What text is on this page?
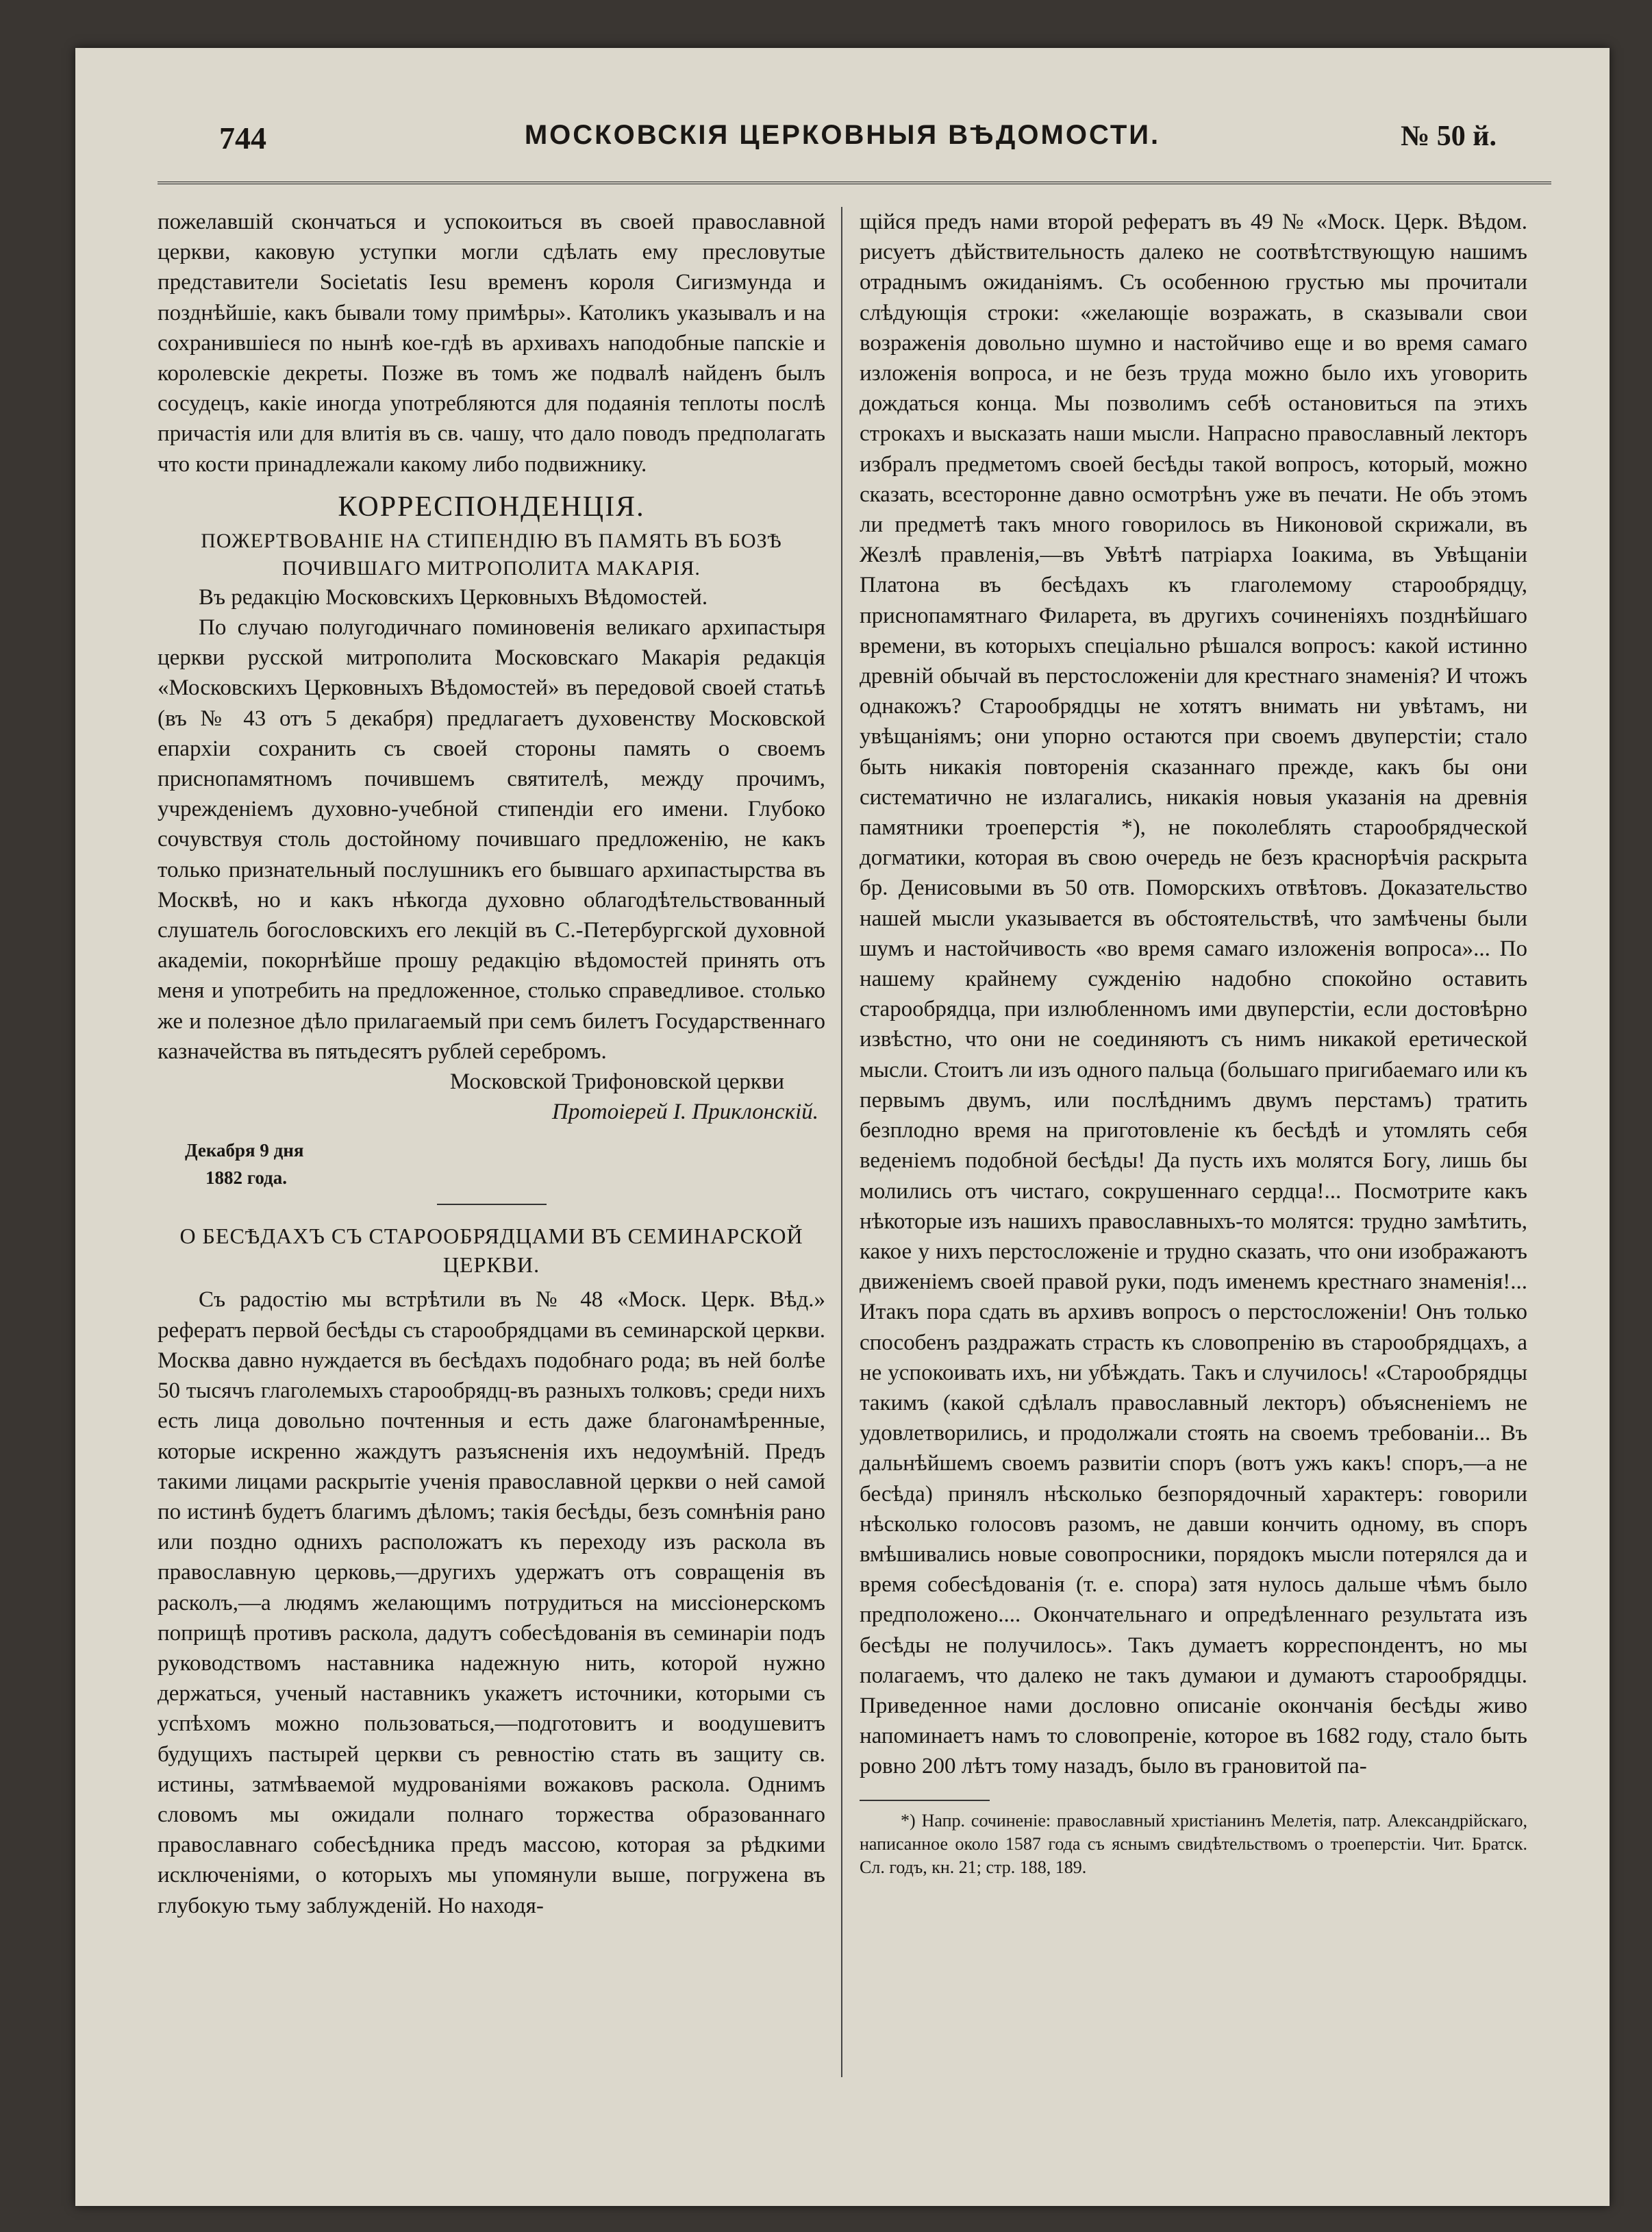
744	МОСКОВСКІЯ ЦЕРКОВНЫЯ ВѢДОМОСТИ.	№ 50 й.

пожелавшій скончаться и успокоиться въ своей православной церкви, каковую уступки могли сдѣлать ему пресловутые представители Societatis Iesu временъ короля Сигизмунда и позднѣйшіе, какъ бывали тому примѣры». Католикъ указывалъ и на сохранившіеся по нынѣ кое-гдѣ въ архивахъ наподобные папскіе и королевскіе декреты. Позже въ томъ же подвалѣ найденъ былъ сосудецъ, какіе иногда употребляются для подаянія теплоты послѣ причастія или для влитія въ св. чашу, что дало поводъ предполагать что кости принадлежали какому либо подвижнику.

КОРРЕСПОНДЕНЦІЯ.
ПОЖЕРТВОВАНІЕ НА СТИПЕНДІЮ ВЪ ПАМЯТЬ ВЪ БОЗѢ ПОЧИВШАГО МИТРОПОЛИТА МАКАРІЯ.

Въ редакцію Московскихъ Церковныхъ Вѣдомостей.

По случаю полугодичнаго поминовенія великаго архипастыря церкви русской митрополита Московскаго Макарія редакція «Московскихъ Церковныхъ Вѣдомостей» въ передовой своей статьѣ (въ № 43 отъ 5 декабря) предлагаетъ духовенству Московской епархіи сохранить съ своей стороны память о своемъ приснопамятномъ почившемъ святителѣ, между прочимъ, учрежденіемъ духовно-учебной стипендіи его имени. Глубоко сочувствуя столь достойному почившаго предложенію, не какъ только признательный послушникъ его бывшаго архипастырства въ Москвѣ, но и какъ нѣкогда духовно облагодѣтельствованный слушатель богословскихъ его лекцій въ С.-Петербургской духовной академіи, покорнѣйше прошу редакцію вѣдомостей принять отъ меня и употребить на предложенное, столько справедливое. столько же и полезное дѣло прилагаемый при семъ билетъ Государственнаго казначейства въ пятьдесятъ рублей серебромъ.

Московской Трифоновской церкви
Протоіерей І. Приклонскій.
Декабря 9 дня
1882 года.
О БЕСѢДАХЪ СЪ СТАРООБРЯДЦАМИ ВЪ СЕМИНАРСКОЙ ЦЕРКВИ.

Съ радостію мы встрѣтили въ № 48 «Моск. Церк. Вѣд.» рефератъ первой бесѣды съ старообрядцами въ семинарской церкви. Москва давно нуждается въ бесѣдахъ подобнаго рода; въ ней болѣе 50 тысячъ глаголемыхъ старообрядц-въ разныхъ толковъ; среди нихъ есть лица довольно почтенныя и есть даже благонамѣренные, которые искренно жаждутъ разъясненія ихъ недоумѣній. Предъ такими лицами раскрытіе ученія православной церкви о ней самой по истинѣ будетъ благимъ дѣломъ; такія бесѣды, безъ сомнѣнія рано или поздно однихъ расположатъ къ переходу изъ раскола въ православную церковь,—другихъ удержатъ отъ совращенія въ расколъ,—а людямъ желающимъ потрудиться на миссіонерскомъ поприщѣ противъ раскола, дадутъ собесѣдованія въ семинаріи подъ руководствомъ наставника надежную нить, которой нужно держаться, ученый наставникъ укажетъ источники, которыми съ успѣхомъ можно пользоваться,—подготовитъ и воодушевитъ будущихъ пастырей церкви съ ревностію стать въ защиту св. истины, затмѣваемой мудрованіями вожаковъ раскола. Однимъ словомъ мы ожидали полнаго торжества образованнаго православнаго собесѣдника предъ массою, которая за рѣдкими исключеніями, о которыхъ мы упомянули выше, погружена въ глубокую тьму заблужденій. Но находя-

щійся предъ нами второй рефератъ въ 49 № «Моск. Церк. Вѣдом. рисуетъ дѣйствительность далеко не соотвѣтствующую нашимъ отраднымъ ожиданіямъ. Съ особенною грустью мы прочитали слѣдующія строки: «желающіе возражать, в сказывали свои возраженія довольно шумно и настойчиво еще и во время самаго изложенія вопроса, и не безъ труда можно было ихъ уговорить дождаться конца. Мы позволимъ себѣ остановиться па этихъ строкахъ и высказать наши мысли. Напрасно православный лекторъ избралъ предметомъ своей бесѣды такой вопросъ, который, можно сказать, всесторонне давно осмотрѣнъ уже въ печати. Не объ этомъ ли предметѣ такъ много говорилось въ Никоновой скрижали, въ Жезлѣ правленія,—въ Увѣтѣ патріарха Іоакима, въ Увѣщаніи Платона въ бесѣдахъ къ глаголемому старообрядцу, приснопамятнаго Филарета, въ другихъ сочиненіяхъ позднѣйшаго времени, въ которыхъ спеціально рѣшался вопросъ: какой истинно древній обычай въ перстосложеніи для крестнаго знаменія? И чтожъ однакожъ? Старообрядцы не хотятъ внимать ни увѣтамъ, ни увѣщаніямъ; они упорно остаются при своемъ двуперстіи; стало быть никакія повторенія сказаннаго прежде, какъ бы они систематично не излагались, никакія новыя указанія на древнія памятники троеперстія *), не поколеблять старообрядческой догматики, которая въ свою очередь не безъ краснорѣчія раскрыта бр. Денисовыми въ 50 отв. Поморскихъ отвѣтовъ. Доказательство нашей мысли указывается въ обстоятельствѣ, что замѣчены были шумъ и настойчивость «во время самаго изложенія вопроса»... По нашему крайнему сужденію надобно спокойно оставить старообрядца, при излюбленномъ ими двуперстіи, если достовѣрно извѣстно, что они не соединяютъ съ нимъ никакой еретической мысли. Стоитъ ли изъ одного пальца (большаго пригибаемаго или къ первымъ двумъ, или послѣднимъ двумъ перстамъ) тратить безплодно время на приготовленіе къ бесѣдѣ и утомлять себя веденіемъ подобной бесѣды! Да пусть ихъ молятся Богу, лишь бы молились отъ чистаго, сокрушеннаго сердца!... Посмотрите какъ нѣкоторые изъ нашихъ православныхъ-то молятся: трудно замѣтить, какое у нихъ перстосложеніе и трудно сказать, что они изображаютъ движеніемъ своей правой руки, подъ именемъ крестнаго знаменія!... Итакъ пора сдать въ архивъ вопросъ о перстосложеніи! Онъ только способенъ раздражать страсть къ словопренію въ старообрядцахъ, а не успокоивать ихъ, ни убѣждать. Такъ и случилось! «Старообрядцы такимъ (какой сдѣлалъ православный лекторъ) объясненіемъ не удовлетворились, и продолжали стоять на своемъ требованіи... Въ дальнѣйшемъ своемъ развитіи споръ (вотъ ужъ какъ! споръ,—а не бесѣда) принялъ нѣсколько безпорядочный характеръ: говорили нѣсколько голосовъ разомъ, не давши кончить одному, въ споръ вмѣшивались новые совопросники, порядокъ мысли потерялся да и время собесѣдованія (т. е. спора) затя нулось дальше чѣмъ было предположено.... Окончательнаго и опредѣленнаго результата изъ бесѣды не получилось». Такъ думаетъ корреспондентъ, но мы полагаемъ, что далеко не такъ думаюи и думаютъ старообрядцы. Приведенное нами дословно описаніе окончанія бесѣды живо напоминаетъ намъ то словопреніе, которое въ 1682 году, стало быть ровно 200 лѣтъ тому назадъ, было въ грановитой па-

*) Напр. сочиненіе: православный христіанинъ Мелетія, патр. Александрійскаго, написанное около 1587 года съ яснымъ свидѣтельствомъ о троеперстіи. Чит. Братск. Сл. годъ, кн. 21; стр. 188, 189.
